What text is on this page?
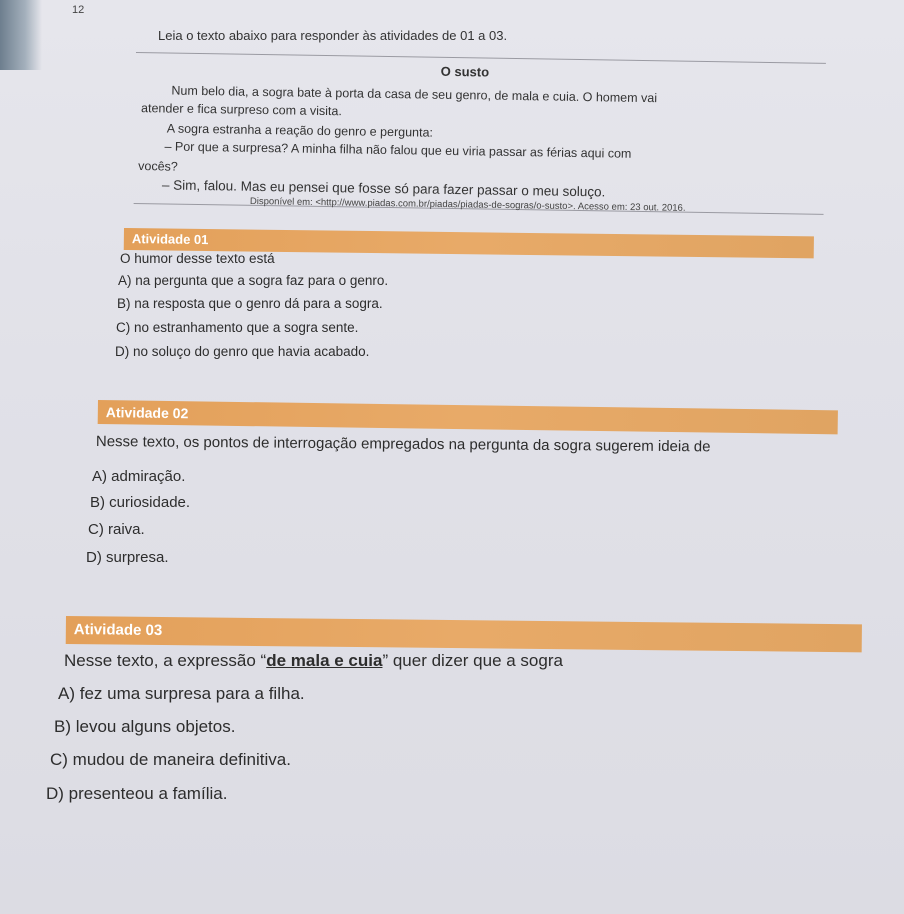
12
Leia o texto abaixo para responder às atividades de 01 a 03.
O susto
Num belo dia, a sogra bate à porta da casa de seu genro, de mala e cuia. O homem vai
atender e fica surpreso com a visita.
A sogra estranha a reação do genro e pergunta:
– Por que a surpresa? A minha filha não falou que eu viria passar as férias aqui com
vocês?
– Sim, falou. Mas eu pensei que fosse só para fazer passar o meu soluço.
Disponível em: <http://www.piadas.com.br/piadas/piadas-de-sogras/o-susto>. Acesso em: 23 out. 2016.
Atividade 01
O humor desse texto está
A) na pergunta que a sogra faz para o genro.
B) na resposta que o genro dá para a sogra.
C) no estranhamento que a sogra sente.
D) no soluço do genro que havia acabado.
Atividade 02
Nesse texto, os pontos de interrogação empregados na pergunta da sogra sugerem ideia de
A) admiração.
B) curiosidade.
C) raiva.
D) surpresa.
Atividade 03
Nesse texto, a expressão “de mala e cuia” quer dizer que a sogra
A) fez uma surpresa para a filha.
B) levou alguns objetos.
C) mudou de maneira definitiva.
D) presenteou a família.
